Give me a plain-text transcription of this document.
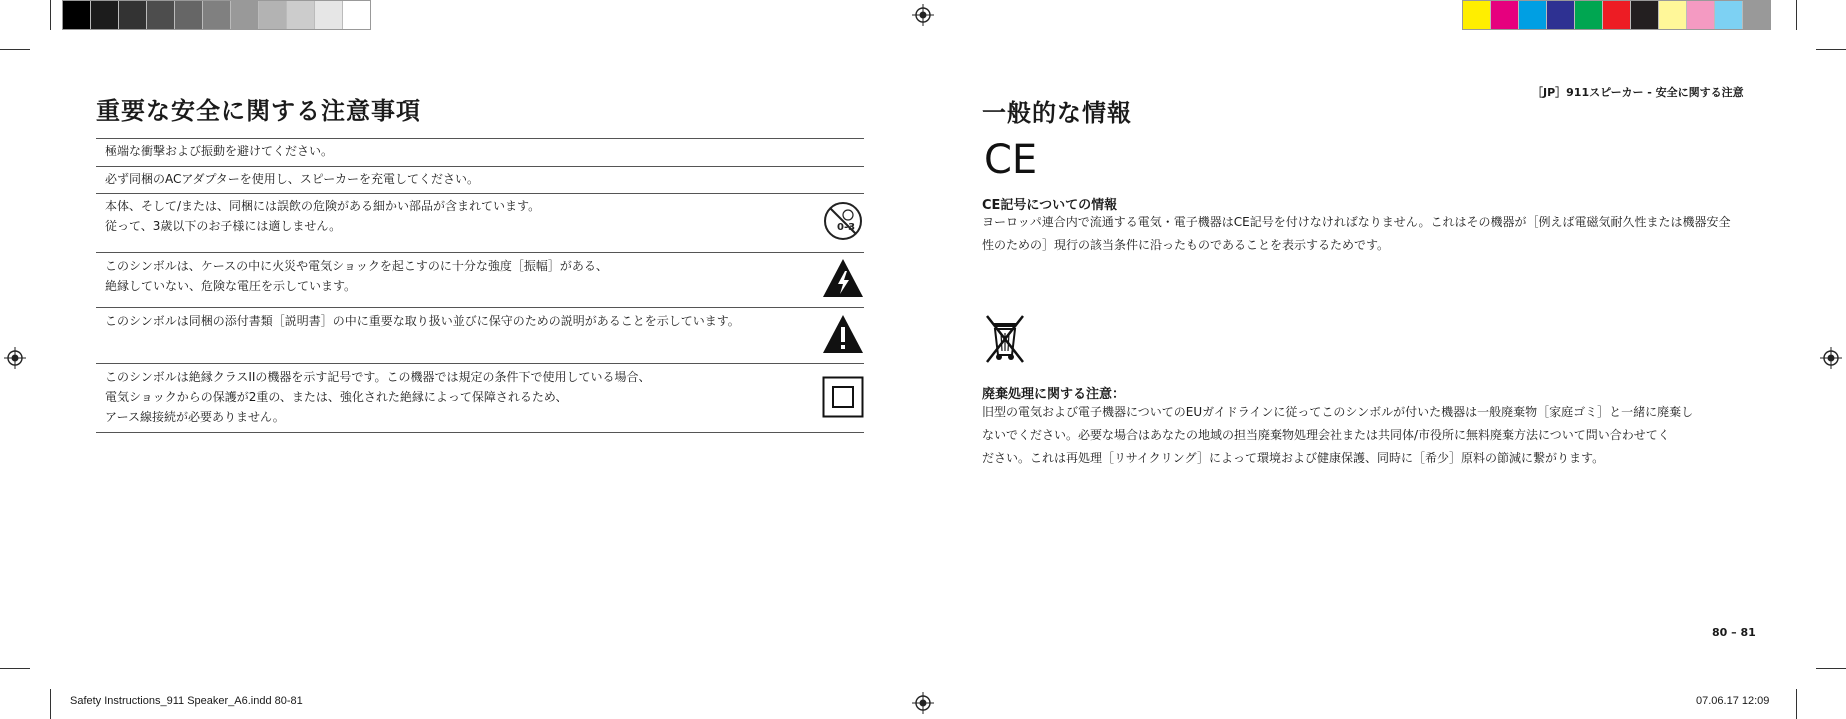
重要な安全に関する注意事項
極端な衝撃および振動を避けてください。
必ず同梱のACアダプターを使用し、スピーカーを充電してください。
本体、そして/または、同梱には誤飲の危険がある細かい部品が含まれています。
従って、3歳以下のお子様には適しません。	0-3
このシンボルは、ケースの中に火災や電気ショックを起こすのに十分な強度［振幅］がある、
絶縁していない、危険な電圧を示しています。
このシンボルは同梱の添付書類［説明書］の中に重要な取り扱い並びに保守のための説明があることを示しています。
このシンボルは絶縁クラスIIの機器を示す記号です。この機器では規定の条件下で使用している場合、
電気ショックからの保護が2重の、または、強化された絶縁によって保障されるため、
アース線接続が必要ありません。
［JP］911スピーカー - 安全に関する注意
一般的な情報
CE
CE記号についての情報
ヨーロッパ連合内で流通する電気・電子機器はCE記号を付けなければなりません。これはその機器が［例えば電磁気耐久性または機器安全
性のための］現行の該当条件に沿ったものであることを表示するためです。
廃棄処理に関する注意：
旧型の電気および電子機器についてのEUガイドラインに従ってこのシンボルが付いた機器は一般廃棄物［家庭ゴミ］と一緒に廃棄し
ないでください。必要な場合はあなたの地域の担当廃棄物処理会社または共同体/市役所に無料廃棄方法について問い合わせてく
ださい。これは再処理［リサイクリング］によって環境および健康保護、同時に［希少］原料の節減に繋がります。
80 – 81
Safety Instructions_911 Speaker_A6.indd 80-81	07.06.17 12:09
